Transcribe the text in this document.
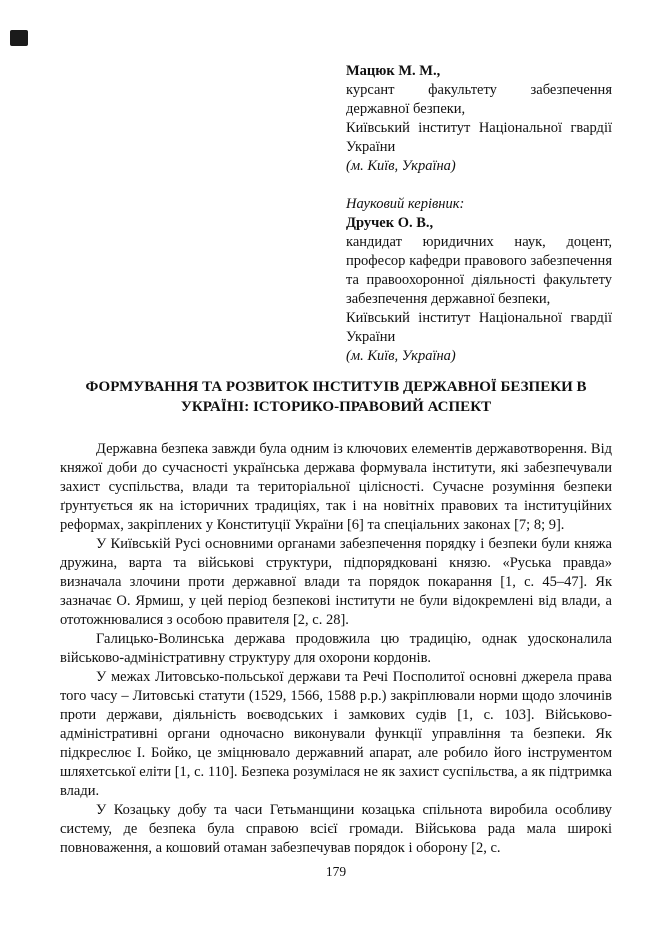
Мацюк М. М.,
курсант факультету забезпечення державної безпеки,
Київський інститут Національної гвардії України
(м. Київ, Україна)
Науковий керівник:
Дручек О. В.,
кандидат юридичних наук, доцент, професор кафедри правового забезпечення та правоохоронної діяльності факультету забезпечення державної безпеки,
Київський інститут Національної гвардії України
(м. Київ, Україна)
ФОРМУВАННЯ ТА РОЗВИТОК ІНСТИТУІВ ДЕРЖАВНОЇ БЕЗПЕКИ В
УКРАЇНІ: ІСТОРИКО-ПРАВОВИЙ АСПЕКТ

Державна безпека завжди була одним із ключових елементів державотворення. Від княжої доби до сучасності українська держава формувала інститути, які забезпечували захист суспільства, влади та територіальної цілісності. Сучасне розуміння безпеки ґрунтується як на історичних традиціях, так і на новітніх правових та інституційних реформах, закріплених у Конституції України [6] та спеціальних законах [7; 8; 9].

У Київській Русі основними органами забезпечення порядку і безпеки були княжа дружина, варта та військові структури, підпорядковані князю. «Руська правда» визначала злочини проти державної влади та порядок покарання [1, с. 45–47]. Як зазначає О. Ярмиш, у цей період безпекові інститути не були відокремлені від влади, а ототожнювалися з особою правителя [2, с. 28].

Галицько-Волинська держава продовжила цю традицію, однак удосконалила військово-адміністративну структуру для охорони кордонів.

У межах Литовсько-польської держави та Речі Посполитої основні джерела права того часу – Литовські статути (1529, 1566, 1588 р.р.) закріплювали норми щодо злочинів проти держави, діяльність воєводських і замкових судів [1, с. 103]. Військово-адміністративні органи одночасно виконували функції управління та безпеки. Як підкреслює І. Бойко, це зміцнювало державний апарат, але робило його інструментом шляхетської еліти [1, с. 110]. Безпека розумілася не як захист суспільства, а як підтримка влади.

У Козацьку добу та часи Гетьманщини козацька спільнота виробила особливу систему, де безпека була справою всієї громади. Військова рада мала широкі повноваження, а кошовий отаман забезпечував порядок і оборону [2, с.

179
